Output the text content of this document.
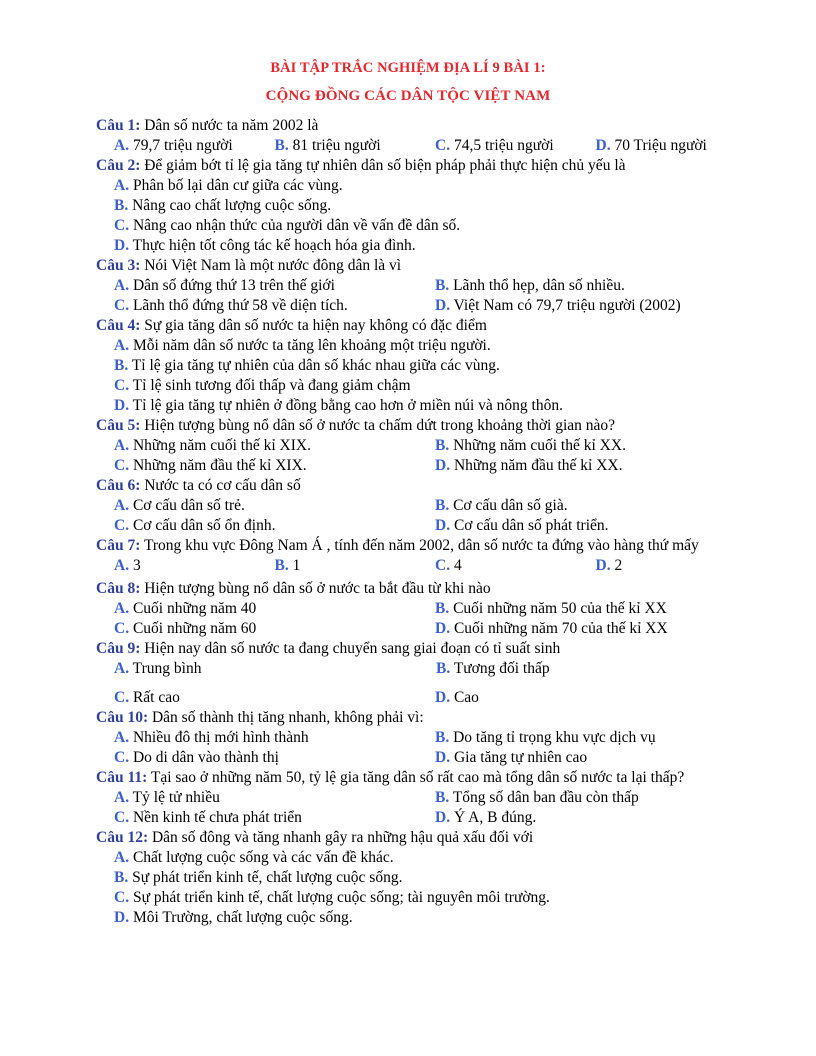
BÀI TẬP TRẮC NGHIỆM ĐỊA LÍ 9 BÀI 1:
CỘNG ĐỒNG CÁC DÂN TỘC VIỆT NAM
Câu 1: Dân số nước ta năm 2002 là
A. 79,7 triệu người	B. 81 triệu người	C. 74,5 triệu người	D. 70 Triệu người
Câu 2: Để giảm bớt tỉ lệ gia tăng tự nhiên dân số biện pháp phải thực hiện chủ yếu là
A. Phân bố lại dân cư giữa các vùng.
B. Nâng cao chất lượng cuộc sống.
C. Nâng cao nhận thức của người dân về vấn đề dân số.
D. Thực hiện tốt công tác kế hoạch hóa gia đình.
Câu 3: Nói Việt Nam là một nước đông dân là vì
A. Dân số đứng thứ 13 trên thế giới	B. Lãnh thổ hẹp, dân số nhiều.
C. Lãnh thổ đứng thứ 58 về diện tích.	D. Việt Nam có 79,7 triệu người (2002)
Câu 4: Sự gia tăng dân số nước ta hiện nay không có đặc điểm
A. Mỗi năm dân số nước ta tăng lên khoảng một triệu người.
B. Tỉ lệ gia tăng tự nhiên của dân số khác nhau giữa các vùng.
C. Tỉ lệ sinh tương đối thấp và đang giảm chậm
D. Tỉ lệ gia tăng tự nhiên ở đồng bằng cao hơn ở miền núi và nông thôn.
Câu 5: Hiện tượng bùng nổ dân số ở nước ta chấm dứt trong khoảng thời gian nào?
A. Những năm cuối thế kỉ XIX.	B. Những năm cuối thế kỉ XX.
C. Những năm đầu thế kỉ XIX.	D. Những năm đầu thế kỉ XX.
Câu 6: Nước ta có cơ cấu dân số
A. Cơ cấu dân số trẻ.	B. Cơ cấu dân số già.
C. Cơ cấu dân số ổn định.	D. Cơ cấu dân số phát triển.
Câu 7: Trong khu vực Đông Nam Á , tính đến năm 2002, dân số nước ta đứng vào hàng thứ mấy
A. 3	B. 1	C. 4	D. 2
Câu 8: Hiện tượng bùng nổ dân số ở nước ta bắt đầu từ khi nào
A. Cuối những năm 40	B. Cuối những năm 50 của thế kỉ XX
C. Cuối những năm 60	D. Cuối những năm 70 của thế kỉ XX
Câu 9: Hiện nay dân số nước ta đang chuyển sang giai đoạn có tỉ suất sinh
A. Trung bình	B. Tương đối thấp
C. Rất cao	D. Cao
Câu 10: Dân số thành thị tăng nhanh, không phải vì:
A. Nhiều đô thị mới hình thành	B. Do tăng tỉ trọng khu vực dịch vụ
C. Do di dân vào thành thị	D. Gia tăng tự nhiên cao
Câu 11: Tại sao ở những năm 50, tỷ lệ gia tăng dân số rất cao mà tổng dân số nước ta lại thấp?
A. Tỷ lệ tử nhiều	B. Tổng số dân ban đầu còn thấp
C. Nền kinh tế chưa phát triển	D. Ý A, B đúng.
Câu 12: Dân số đông và tăng nhanh gây ra những hậu quả xấu đối với
A. Chất lượng cuộc sống và các vấn đề khác.
B. Sự phát triển kinh tế, chất lượng cuộc sống.
C. Sự phát triển kinh tế, chất lượng cuộc sống; tài nguyên môi trường.
D. Môi Trường, chất lượng cuộc sống.
